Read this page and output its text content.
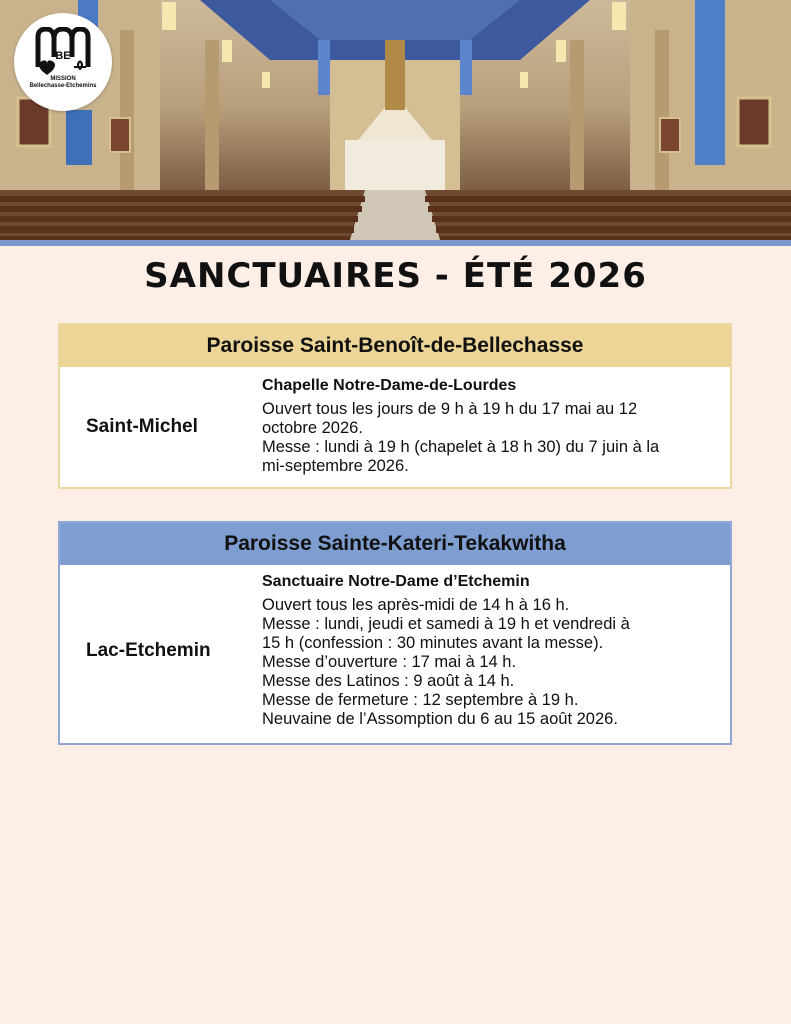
BE
MISSION
Bellechasse-Etchemins
SANCTUAIRES - ÉTÉ 2026
Paroisse Saint-Benoît-de-Bellechasse
Saint-Michel
Chapelle Notre-Dame-de-Lourdes
Ouvert tous les jours de 9 h à 19 h du 17 mai au 12
octobre 2026.
Messe : lundi à 19 h (chapelet à 18 h 30) du 7 juin à la
mi-septembre 2026.
Paroisse Sainte-Kateri-Tekakwitha
Lac-Etchemin
Sanctuaire Notre-Dame d’Etchemin
Ouvert tous les après-midi de 14 h à 16 h.
Messe : lundi, jeudi et samedi à 19 h et vendredi à
15 h (confession : 30 minutes avant la messe).
Messe d’ouverture : 17 mai à 14 h.
Messe des Latinos : 9 août à 14 h.
Messe de fermeture : 12 septembre à 19 h.
Neuvaine de l’Assomption du 6 au 15 août 2026.
